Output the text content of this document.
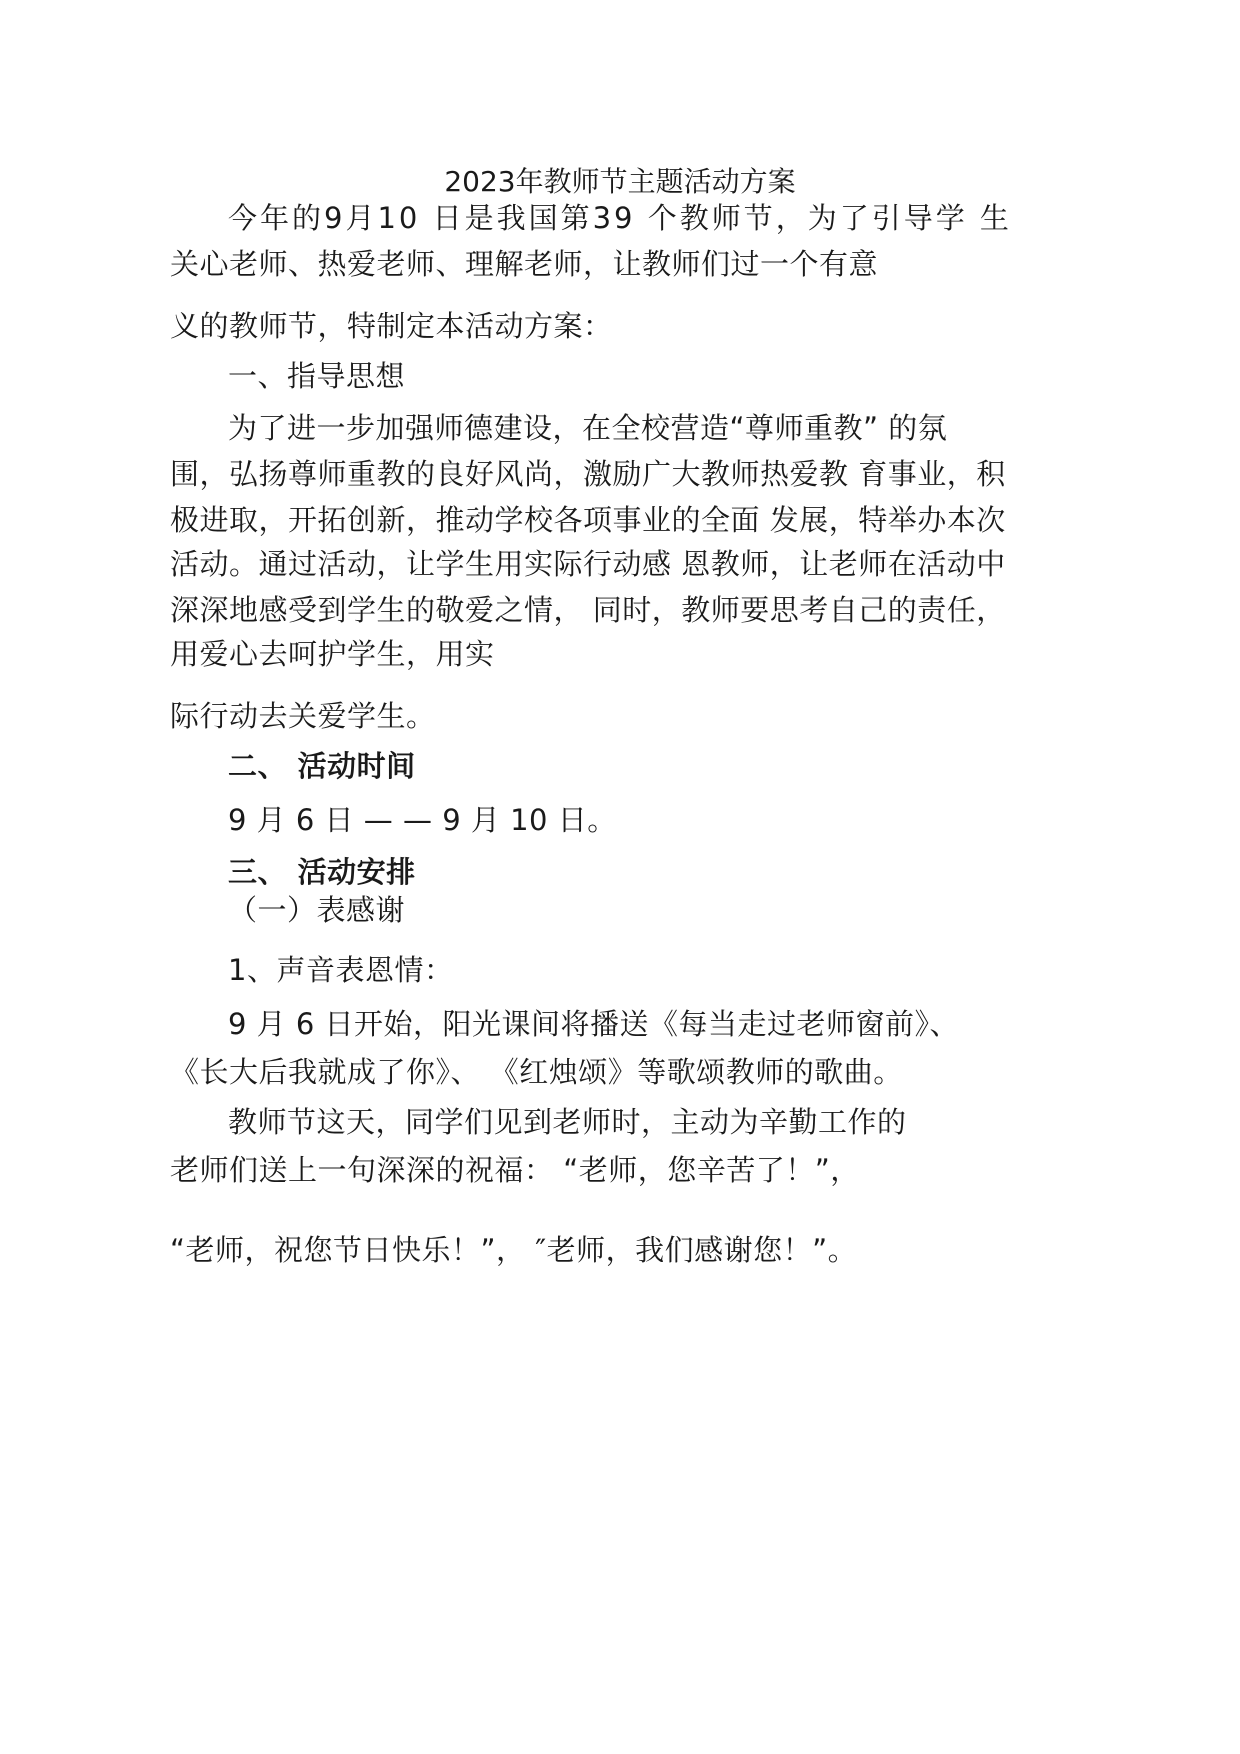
2023年教师节主题活动方案
今年的9月10 日是我国第39 个教师节，为了引导学 生
关心老师、热爱老师、理解老师，让教师们过一个有意
义的教师节，特制定本活动方案：
一、指导思想
为了进一步加强师德建设，在全校营造“尊师重教” 的氛
围，弘扬尊师重教的良好风尚，激励广大教师热爱教 育事业，积
极进取，开拓创新，推动学校各项事业的全面 发展，特举办本次
活动。通过活动，让学生用实际行动感 恩教师，让老师在活动中
深深地感受到学生的敬爱之情， 同时，教师要思考自己的责任，
用爱心去呵护学生，用实
际行动去关爱学生。
二、 活动时间
9 月 6 日 — — 9 月 10 日。
三、 活动安排
（一）表感谢
1、声音表恩情：
9 月 6 日开始，阳光课间将播送《每当走过老师窗前》、
《长大后我就成了你》、 《红烛颂》等歌颂教师的歌曲。
教师节这天，同学们见到老师时，主动为辛勤工作的
老师们送上一句深深的祝福： “老师，您辛苦了！”，
“老师，祝您节日快乐！”， ″老师，我们感谢您！”。
